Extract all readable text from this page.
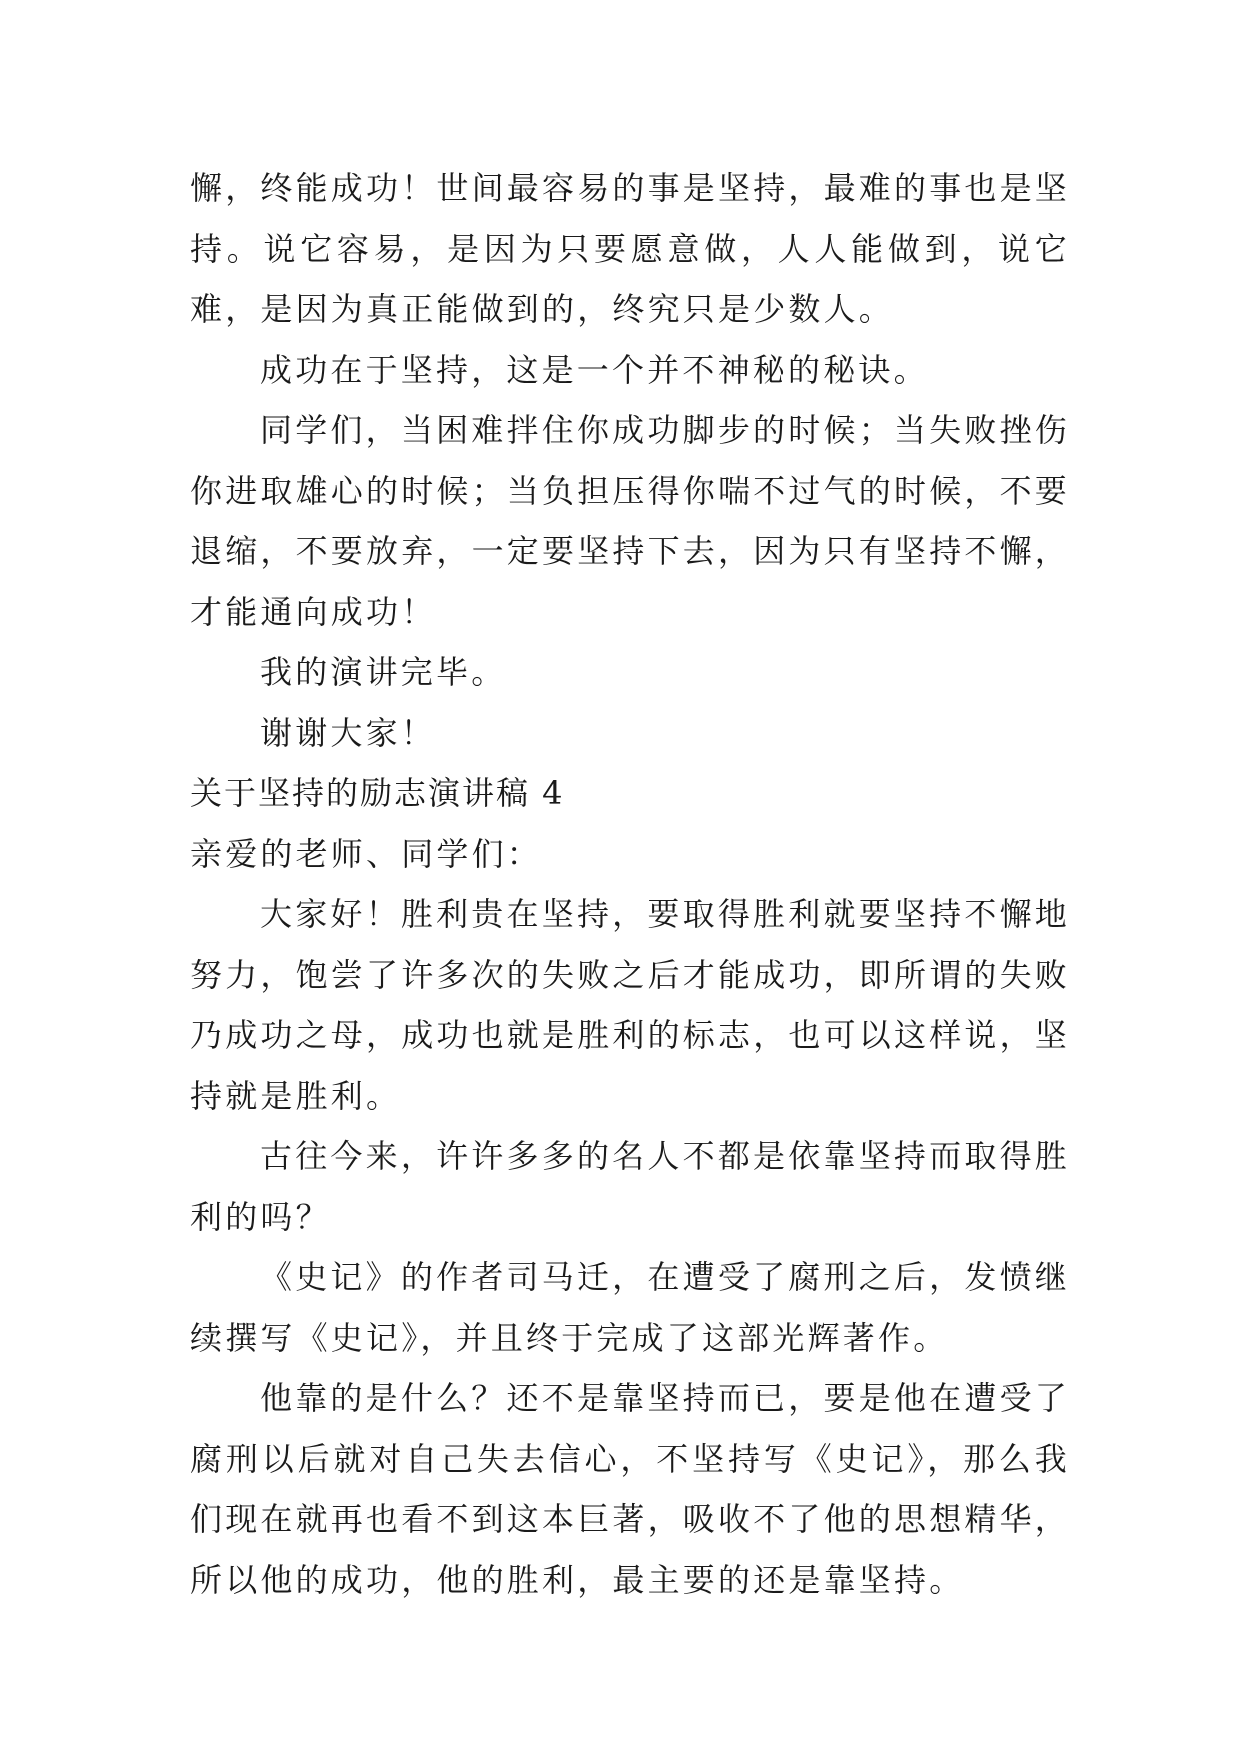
懈，终能成功！世间最容易的事是坚持，最难的事也是坚持。说它容易，是因为只要愿意做，人人能做到，说它难，是因为真正能做到的，终究只是少数人。

成功在于坚持，这是一个并不神秘的秘诀。

同学们，当困难拌住你成功脚步的时候；当失败挫伤你进取雄心的时候；当负担压得你喘不过气的时候，不要退缩，不要放弃，一定要坚持下去，因为只有坚持不懈，才能通向成功！

我的演讲完毕。

谢谢大家！

关于坚持的励志演讲稿 4

亲爱的老师、同学们：

大家好！胜利贵在坚持，要取得胜利就要坚持不懈地努力，饱尝了许多次的失败之后才能成功，即所谓的失败乃成功之母，成功也就是胜利的标志，也可以这样说，坚持就是胜利。

古往今来，许许多多的名人不都是依靠坚持而取得胜利的吗？

《史记》的作者司马迁，在遭受了腐刑之后，发愤继续撰写《史记》，并且终于完成了这部光辉著作。

他靠的是什么？还不是靠坚持而已，要是他在遭受了腐刑以后就对自己失去信心，不坚持写《史记》，那么我们现在就再也看不到这本巨著，吸收不了他的思想精华，所以他的成功，他的胜利，最主要的还是靠坚持。
